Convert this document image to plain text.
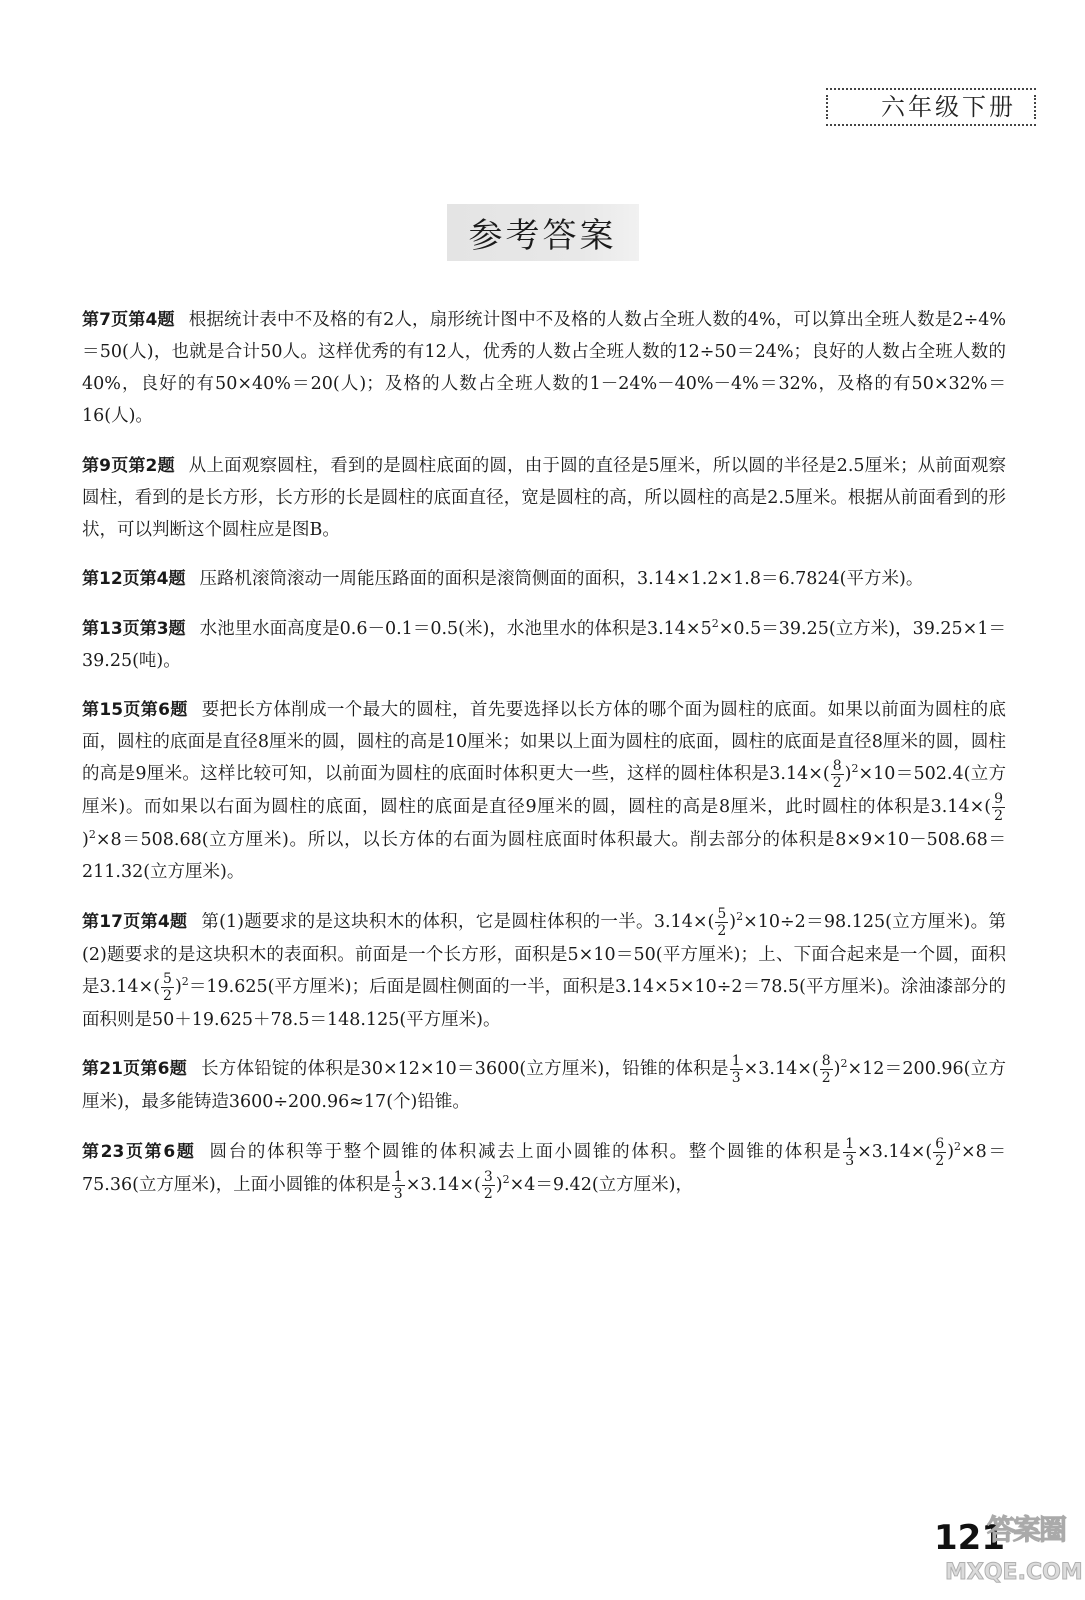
六年级下册
参考答案

第7页第4题 根据统计表中不及格的有2人，扇形统计图中不及格的人数占全班人数的4%，可以算出全班人数是2÷4%＝50(人)，也就是合计50人。这样优秀的有12人，优秀的人数占全班人数的12÷50＝24%；良好的人数占全班人数的40%，良好的有50×40%＝20(人)；及格的人数占全班人数的1－24%－40%－4%＝32%，及格的有50×32%＝16(人)。

第9页第2题 从上面观察圆柱，看到的是圆柱底面的圆，由于圆的直径是5厘米，所以圆的半径是2.5厘米；从前面观察圆柱，看到的是长方形，长方形的长是圆柱的底面直径，宽是圆柱的高，所以圆柱的高是2.5厘米。根据从前面看到的形状，可以判断这个圆柱应是图B。

第12页第4题 压路机滚筒滚动一周能压路面的面积是滚筒侧面的面积，3.14×1.2×1.8＝6.7824(平方米)。

第13页第3题 水池里水面高度是0.6－0.1＝0.5(米)，水池里水的体积是$3.14\times 5^2\times 0.5=39.25$(立方米)，39.25×1＝39.25(吨)。

第15页第6题 要把长方体削成一个最大的圆柱，首先要选择以长方体的哪个面为圆柱的底面。如果以前面为圆柱的底面，圆柱的底面是直径8厘米的圆，圆柱的高是10厘米；如果以上面为圆柱的底面，圆柱的底面是直径8厘米的圆，圆柱的高是9厘米。这样比较可知，以前面为圆柱的底面时体积更大一些，这样的圆柱体积是$3.14\times( \frac{8}{2} )^2\times 10=502.4$(立方厘米)。而如果以右面为圆柱的底面，圆柱的底面是直径9厘米的圆，圆柱的高是8厘米，此时圆柱的体积是$3.14\times( \frac{9}{2}$
)$^2$×8＝508.68(立方厘米)。所以，以长方体的右面为圆柱底面时体积最大。削去部分的体积是8×9×10－508.68＝211.32(立方厘米)。

第17页第4题 第(1)题要求的是这块积木的体积，它是圆柱体积的一半。$3.14\times( \frac{5}{2} )^2\times 10\div 2=98.125$(立方厘米)。第(2)题要求的是这块积木的表面积。前面是一个长方形，面积是5×10＝50(平方厘米)；上、下面合起来是一个圆，面积是$3.14\times( \frac{5}{2} )^2=19.625$(平方厘米)；后面是圆柱侧面的一半，面积是3.14×5×10÷2＝78.5(平方厘米)。涂油漆部分的面积则是50＋19.625＋78.5＝148.125(平方厘米)。

第21页第6题 长方体铅锭的体积是30×12×10＝3600(立方厘米)，铅锥的体积是 $\frac{1}{3} \times 3.14\times( \frac{8}{2} )^2\times 12=200.96$(立方厘米)，最多能铸造3600÷200.96≈17(个)铅锥。

第23页第6题 圆台的体积等于整个圆锥的体积减去上面小圆锥的体积。整个圆锥的体积是 $\frac{1}{3} \times 3.14\times( \frac{6}{2} )^2\times 8=75.36$(立方厘米)，上面小圆锥的体积是 $\frac{1}{3} \times 3.14\times( \frac{3}{2} )^2\times 4=9.42$(立方厘米)，

121
答案圈
MXQE.COM
